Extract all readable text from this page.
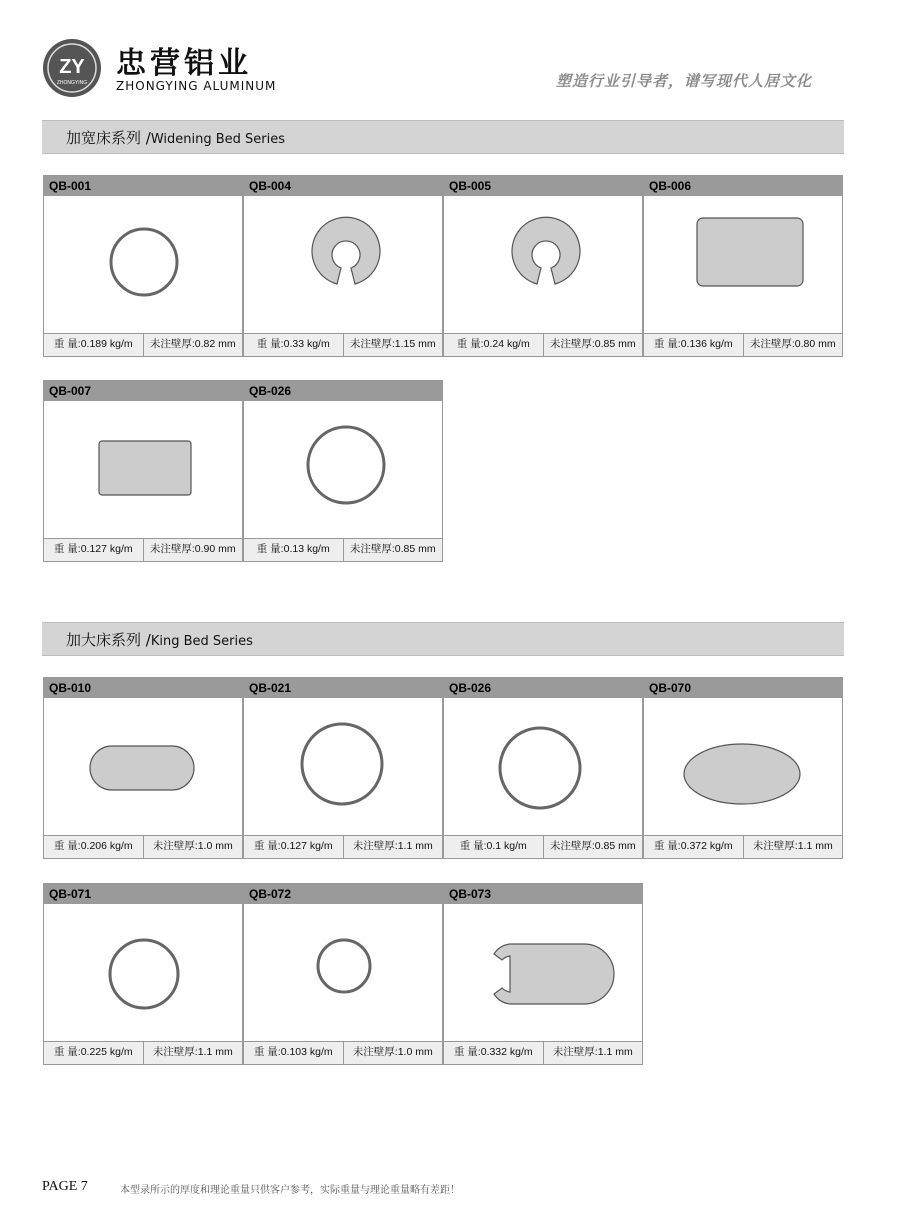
ZY
ZHONGYING
忠营铝业
ZHONGYING ALUMINUM	塑造行业引导者，谱写现代人居文化
加宽床系列 /Widening Bed Series
加大床系列 /King Bed Series
QB-001
重 量:0.189 kg/m	未注壁厚:0.82 mm
QB-004
重 量:0.33 kg/m	未注壁厚:1.15 mm
QB-005
重 量:0.24 kg/m	未注壁厚:0.85 mm
QB-006
重 量:0.136 kg/m	未注壁厚:0.80 mm
QB-007
重 量:0.127 kg/m	未注壁厚:0.90 mm
QB-026
重 量:0.13 kg/m	未注壁厚:0.85 mm
QB-010
重 量:0.206 kg/m	未注壁厚:1.0 mm
QB-021
重 量:0.127 kg/m	未注壁厚:1.1 mm
QB-026
重 量:0.1 kg/m	未注壁厚:0.85 mm
QB-070
重 量:0.372 kg/m	未注壁厚:1.1 mm
QB-071
重 量:0.225 kg/m	未注壁厚:1.1 mm
QB-072
重 量:0.103 kg/m	未注壁厚:1.0 mm
QB-073
重 量:0.332 kg/m	未注壁厚:1.1 mm
PAGE 7	本型录所示的厚度和理论重量只供客户参考，实际重量与理论重量略有差距！
